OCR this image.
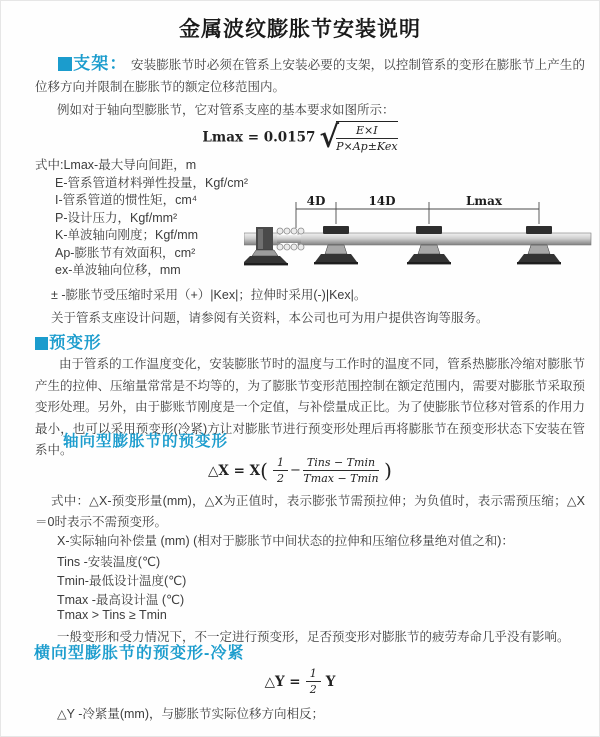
金属波纹膨胀节安装说明
支架： 安装膨胀节时必须在管系上安装必要的支架，以控制管系的变形在膨胀节上产生的位移方向并限制在膨胀节的额定位移范围内。
例如对于轴向型膨胀节，它对管系支座的基本要求如图所示：
Lmax = 0.0157 √
$\frac{E\times I}{\text{P×Ap±Kex}}$
式中:Lmax-最大导向间距，m
E-管系管道材料弹性投量，Kgf/cm²
I-管系管道的惯性矩，cm⁴
P-设计压力，Kgf/mm²
K-单波轴向刚度；Kgf/mm
Ap-膨胀节有效面积，cm²
ex-单波轴向位移，mm
± -膨胀节受压缩时采用（+）|Kex|；拉伸时采用(-)|Kex|。
关于管系支座设计问题，请参阅有关资料，本公司也可为用户提供咨询等服务。
4D	14D	Lmax
预变形
由于管系的工作温度变化，安装膨胀节时的温度与工作时的温度不同，管系热膨胀冷缩对膨胀节产生的拉伸、压缩量常常是不均等的，为了膨胀节变形范围控制在额定范围内，需要对膨胀节采取预变形处理。另外，由于膨账节刚度是一个定值，与补偿量成正比。为了使膨胀节位移对管系的作用力最小，也可以采用预变形(冷紧)方让对膨胀节进行预变形处理后再将膨胀节在预变形状态下安装在管系中。
轴向型膨胀节的预变形
△X = $X( \frac{1}{2} - \frac{\text{Tins − Tmin}}{Tmax - Tmin}$ )
式中：△X-预变形量(mm)，△X为正值时，表示膨张节需预拉伸；为负值时，表示需预压缩；△X＝0时表示不需预变形。
X-实际轴向补偿量 (mm) (相对于膨胀节中间状态的拉伸和压缩位移量绝对值之和)：
Tins -安装温度(℃)
Tmin-最低设计温度(℃)
Tmax -最高设计温 (℃)
Tmax > Tins ≥ Tmin
一般变形和受力情况下，不一定进行预变形，足否预变形对膨胀节的疲劳寿命几乎没有影响。
横向型膨胀节的预变形-冷紧
△Y = $\frac{1}{2}$ Y
△Y -冷紧量(mm)，与膨胀节实际位移方向相反；
